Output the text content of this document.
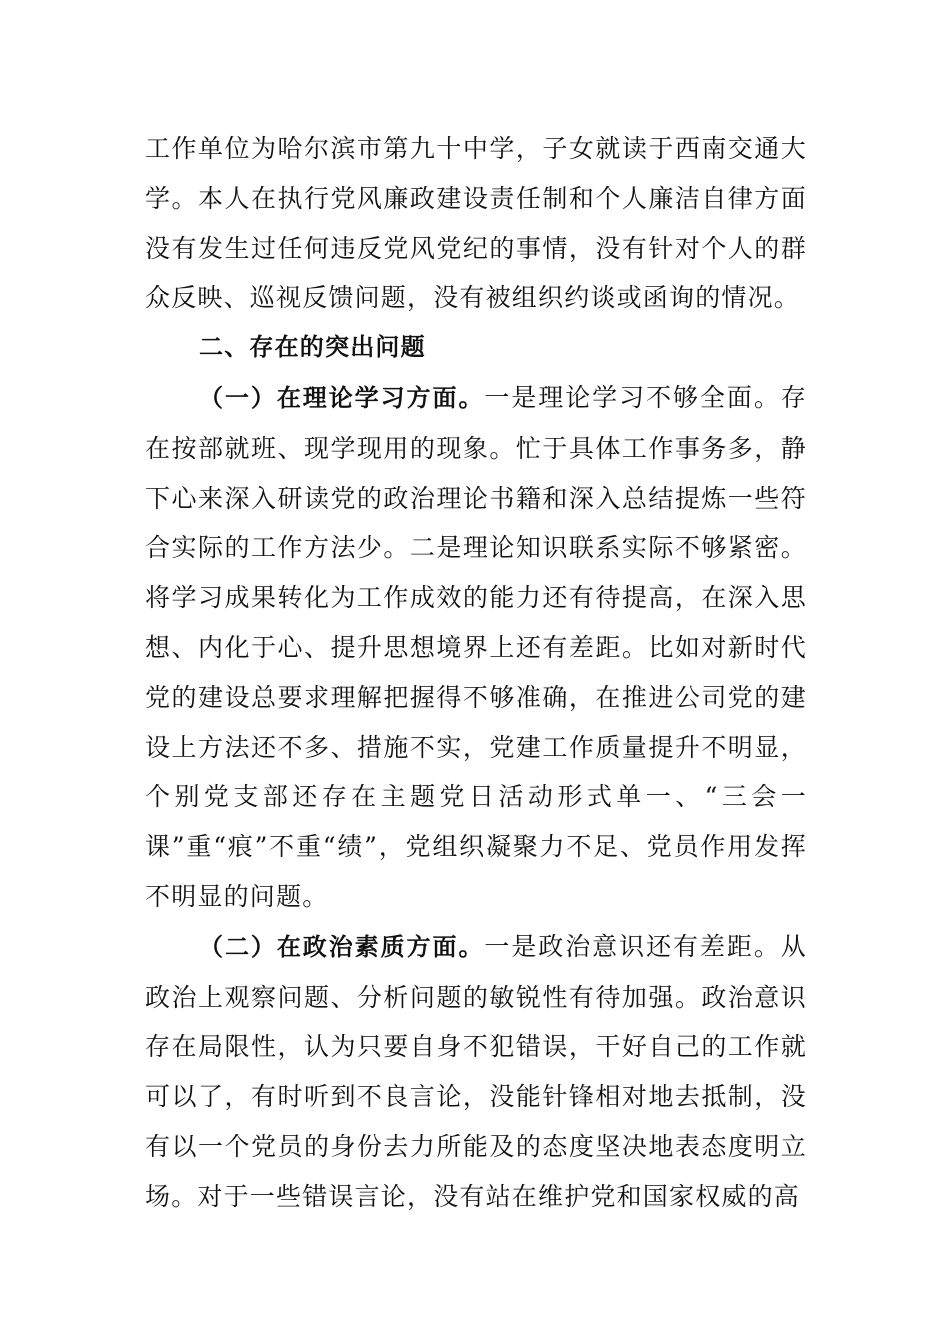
工作单位为哈尔滨市第九十中学，子女就读于西南交通大学。本人在执行党风廉政建设责任制和个人廉洁自律方面没有发生过任何违反党风党纪的事情，没有针对个人的群众反映、巡视反馈问题，没有被组织约谈或函询的情况。

二、存在的突出问题

（一）在理论学习方面。一是理论学习不够全面。存在按部就班、现学现用的现象。忙于具体工作事务多，静下心来深入研读党的政治理论书籍和深入总结提炼一些符合实际的工作方法少。二是理论知识联系实际不够紧密。将学习成果转化为工作成效的能力还有待提高，在深入思想、内化于心、提升思想境界上还有差距。比如对新时代党的建设总要求理解把握得不够准确，在推进公司党的建设上方法还不多、措施不实，党建工作质量提升不明显，个别党支部还存在主题党日活动形式单一、“三会一课”重“痕”不重“绩”，党组织凝聚力不足、党员作用发挥不明显的问题。

（二）在政治素质方面。一是政治意识还有差距。从政治上观察问题、分析问题的敏锐性有待加强。政治意识存在局限性，认为只要自身不犯错误，干好自己的工作就可以了，有时听到不良言论，没能针锋相对地去抵制，没有以一个党员的身份去力所能及的态度坚决地表态度明立场。对于一些错误言论，没有站在维护党和国家权威的高
